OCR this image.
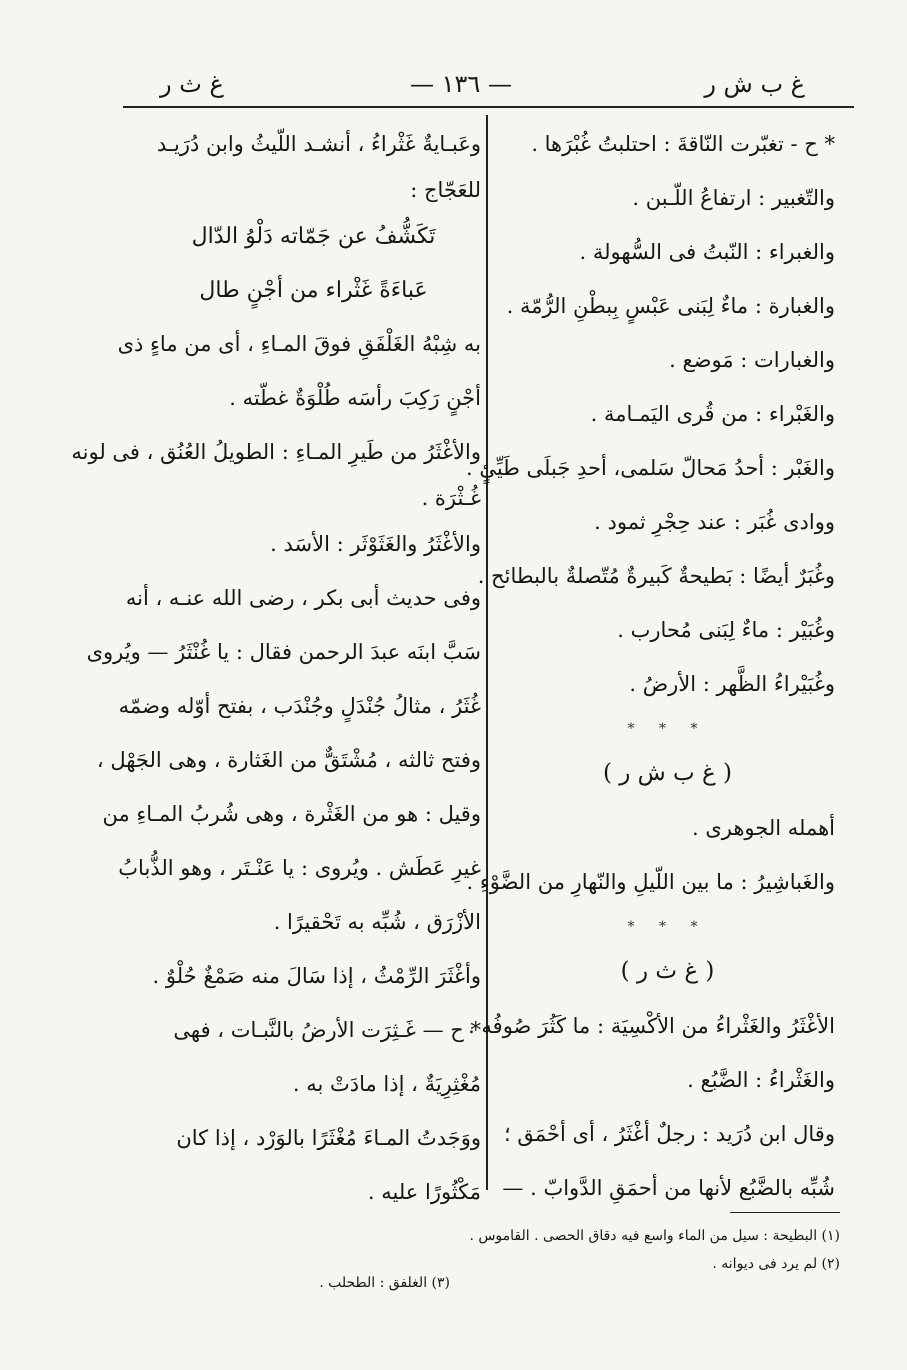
غ ب ش ر
— ١٣٦ —
غ ث ر
* ح - تغبّرت النّاقةَ : احتلبتُ غُبْرَها .
والتّغبير : ارتفاعُ اللّـبن .
والغبراء : النّبتُ فى السُّهولة .
والغبارة : ماءٌ لِبَنى عَبْسٍ بِبطْنِ الرُّمّة .
والغبارات : مَوضع .
والغَبْراء : من قُرى اليَمـامة .
والغَبْر : أحدُ مَحالّ سَلمى، أحدِ جَبلَى طَيِّئٍ .
ووادى غُبَر : عند حِجْرِ ثمود .
وغُبَرٌ أيضًا : بَطيحةٌ كَبيرةٌ مُتّصلةٌ بالبطائح .
وغُبَيْر : ماءٌ لِبَنى مُحارب .
وغُبَيْراءُ الظَّهر : الأرضُ .
* * *
( غ ب ش ر )
أهمله الجوهرى .
والغَباشِيرُ : ما بين اللّيلِ والنّهارِ من الضَّوْءِ .
* * *
( غ ث ر )
الأغْثَرُ والغَثْراءُ من الأكْسِيَة : ما كَثُرَ صُوفُه .
والغَثْراءُ : الضَّبُع .
وقال ابن دُرَيد : رجلٌ أغْثَرُ ، أى أحْمَق ؛
شُبِّه بالضَّبُع لأنها من أحمَقِ الدَّوابّ . —
وعَبـايةٌ غَثْراءُ ، أنشـد اللّيثُ وابن دُرَيـد
للعَجّاج :
تَكَشُّفُ عن جَمّاته دَلْوُ الدّال
عَباءَةً غَثْراء من أجْنٍ طال
به شِبْهُ الغَلْفَقِ فوقَ المـاءِ ، أى من ماءٍ ذى
أجْنٍ رَكِبَ رأسَه طُلْوَةٌ غطّته .
والأغْثَرُ من طَيرِ المـاءِ : الطويلُ العُنُق ، فى لونه
غُـثْرَة .
والأغْثَرُ والغَثَوْثَر : الأسَد .
وفى حديث أبى بكر ، رضى الله عنـه ، أنه
سَبَّ ابنَه عبدَ الرحمن فقال : يا غُنْثَرُ — ويُروى
غُثَرُ ، مثالُ جُنْدَلٍ وجُنْدَب ، بفتح أوّله وضمّه
وفتح ثالثه ، مُشْتَقٌّ من الغَثارة ، وهى الجَهْل ،
وقيل : هو من الغَثْرة ، وهى شُربُ المـاءِ من
غيرِ عَطَش . ويُروى : يا عَنْـتَر ، وهو الذُّبابُ
الأزْرَق ، شُبِّه به تَحْقيرًا .
وأغْثَرَ الرِّمْثُ ، إذا سَالَ منه صَمْغٌ حُلْوٌ .
* ح — غَـثِرَت الأرضُ بالنَّبـات ، فهى
مُغْثِرِيَةٌ ، إذا مادَتْ به .
ووَجَدتُ المـاءَ مُغْثَرًا بالوَرْد ، إذا كان
مَكْثُورًا عليه .
(١) البطيحة : سيل من الماء واسع فيه دقاق الحصى . القاموس .
(٢) لم يرد فى ديوانه .
(٣) الغلفق : الطحلب .
